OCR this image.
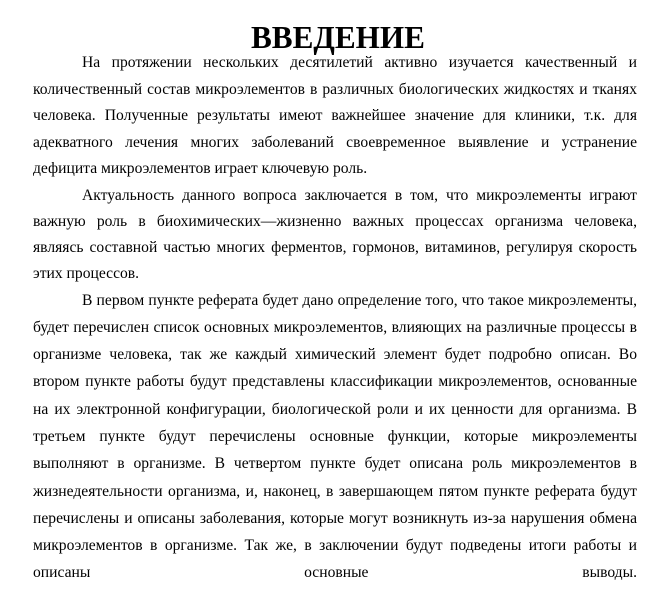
ВВЕДЕНИЕ

На протяжении нескольких десятилетий активно изучается качественный и количественный состав микроэлементов в различных биологических жидкостях и тканях человека. Полученные результаты имеют важнейшее значение для клиники, т.к. для адекватного лечения многих заболеваний своевременное выявление и устранение дефицита микроэлементов играет ключевую роль.

Актуальность данного вопроса заключается в том, что микроэлементы играют важную роль в биохимических—жизненно важных процессах организма человека, являясь составной частью многих ферментов, гормонов, витаминов, регулируя скорость этих процессов.

В первом пункте реферата будет дано определение того, что такое микроэлементы, будет перечислен список основных микроэлементов, влияющих на различные процессы в организме человека, так же каждый химический элемент будет подробно описан. Во втором пункте работы будут представлены классификации микроэлементов, основанные на их электронной конфигурации, биологической роли и их ценности для организма. В третьем пункте будут перечислены основные функции, которые микроэлементы выполняют в организме. В четвертом пункте будет описана роль микроэлементов в жизнедеятельности организма, и, наконец, в завершающем пятом пункте реферата будут перечислены и описаны заболевания, которые могут возникнуть из-за нарушения обмена микроэлементов в организме. Так же, в заключении будут подведены итоги работы и описаны основные выводы.
